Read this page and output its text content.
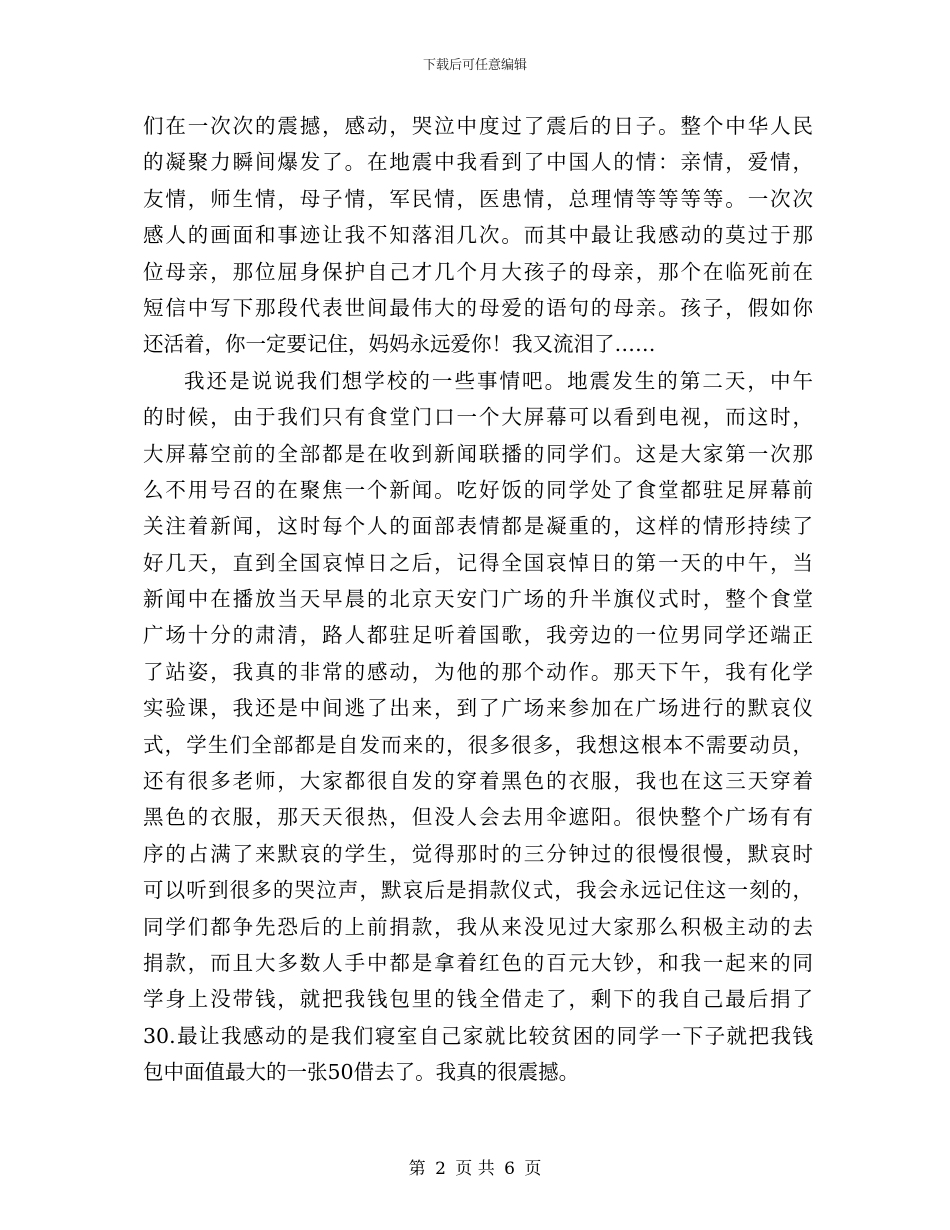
下载后可任意编辑
们在一次次的震撼，感动，哭泣中度过了震后的日子。整个中华人民
的凝聚力瞬间爆发了。在地震中我看到了中国人的情：亲情，爱情，
友情，师生情，母子情，军民情，医患情，总理情等等等等。一次次
感人的画面和事迹让我不知落泪几次。而其中最让我感动的莫过于那
位母亲，那位屈身保护自己才几个月大孩子的母亲，那个在临死前在
短信中写下那段代表世间最伟大的母爱的语句的母亲。孩子，假如你
还活着，你一定要记住，妈妈永远爱你！我又流泪了……
我还是说说我们想学校的一些事情吧。地震发生的第二天，中午
的时候，由于我们只有食堂门口一个大屏幕可以看到电视，而这时，
大屏幕空前的全部都是在收到新闻联播的同学们。这是大家第一次那
么不用号召的在聚焦一个新闻。吃好饭的同学处了食堂都驻足屏幕前
关注着新闻，这时每个人的面部表情都是凝重的，这样的情形持续了
好几天，直到全国哀悼日之后，记得全国哀悼日的第一天的中午，当
新闻中在播放当天早晨的北京天安门广场的升半旗仪式时，整个食堂
广场十分的肃清，路人都驻足听着国歌，我旁边的一位男同学还端正
了站姿，我真的非常的感动，为他的那个动作。那天下午，我有化学
实验课，我还是中间逃了出来，到了广场来参加在广场进行的默哀仪
式，学生们全部都是自发而来的，很多很多，我想这根本不需要动员，
还有很多老师，大家都很自发的穿着黑色的衣服，我也在这三天穿着
黑色的衣服，那天天很热，但没人会去用伞遮阳。很快整个广场有有
序的占满了来默哀的学生，觉得那时的三分钟过的很慢很慢，默哀时
可以听到很多的哭泣声，默哀后是捐款仪式，我会永远记住这一刻的，
同学们都争先恐后的上前捐款，我从来没见过大家那么积极主动的去
捐款，而且大多数人手中都是拿着红色的百元大钞，和我一起来的同
学身上没带钱，就把我钱包里的钱全借走了，剩下的我自己最后捐了
30.最让我感动的是我们寝室自己家就比较贫困的同学一下子就把我钱
包中面值最大的一张50借去了。我真的很震撼。
第 2 页 共 6 页
